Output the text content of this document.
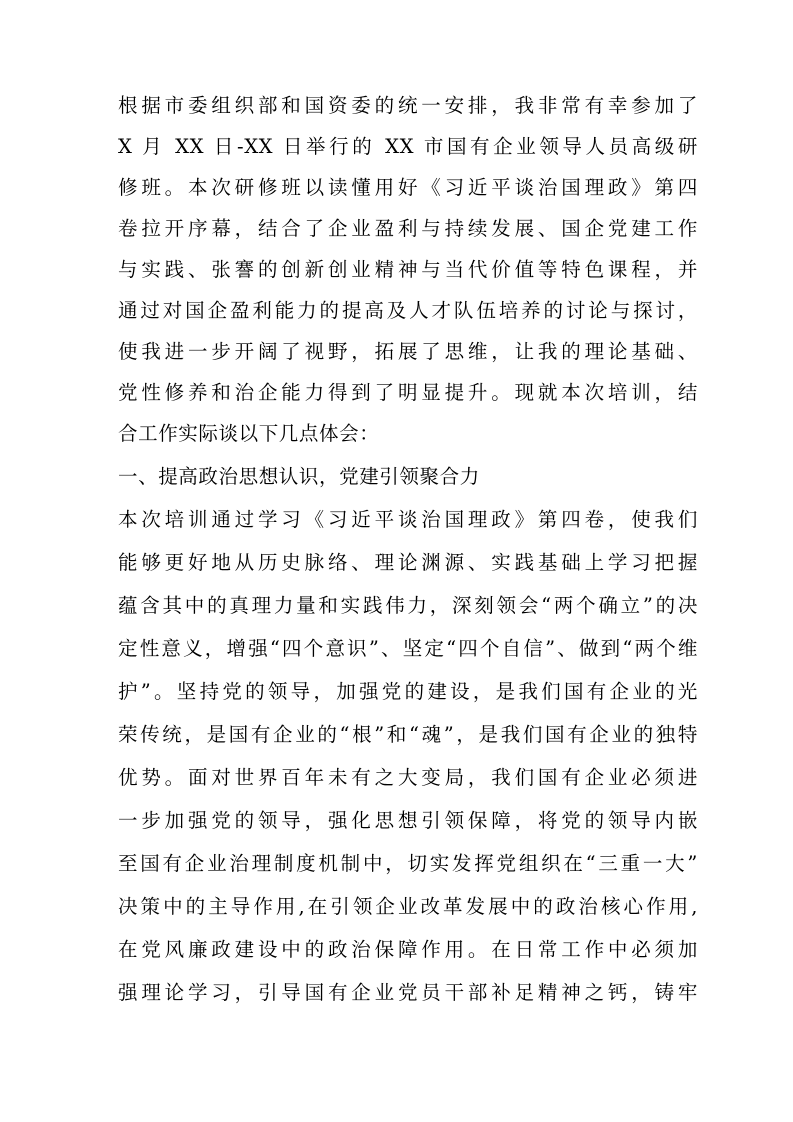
根据市委组织部和国资委的统一安排，我非常有幸参加了
X 月 XX 日-XX 日举行的 XX 市国有企业领导人员高级研
修班。本次研修班以读懂用好《习近平谈治国理政》第四
卷拉开序幕，结合了企业盈利与持续发展、国企党建工作
与实践、张謇的创新创业精神与当代价值等特色课程，并
通过对国企盈利能力的提高及人才队伍培养的讨论与探讨，
使我进一步开阔了视野，拓展了思维，让我的理论基础、
党性修养和治企能力得到了明显提升。现就本次培训，结
合工作实际谈以下几点体会：
一、提高政治思想认识，党建引领聚合力
本次培训通过学习《习近平谈治国理政》第四卷，使我们
能够更好地从历史脉络、理论渊源、实践基础上学习把握
蕴含其中的真理力量和实践伟力，深刻领会“两个确立”的决
定性意义，增强“四个意识”、坚定“四个自信”、做到“两个维
护”。坚持党的领导，加强党的建设，是我们国有企业的光
荣传统，是国有企业的“根”和“魂”，是我们国有企业的独特
优势。面对世界百年未有之大变局，我们国有企业必须进
一步加强党的领导，强化思想引领保障，将党的领导内嵌
至国有企业治理制度机制中，切实发挥党组织在“三重一大”
决策中的主导作用,在引领企业改革发展中的政治核心作用,
在党风廉政建设中的政治保障作用。在日常工作中必须加
强理论学习，引导国有企业党员干部补足精神之钙，铸牢
